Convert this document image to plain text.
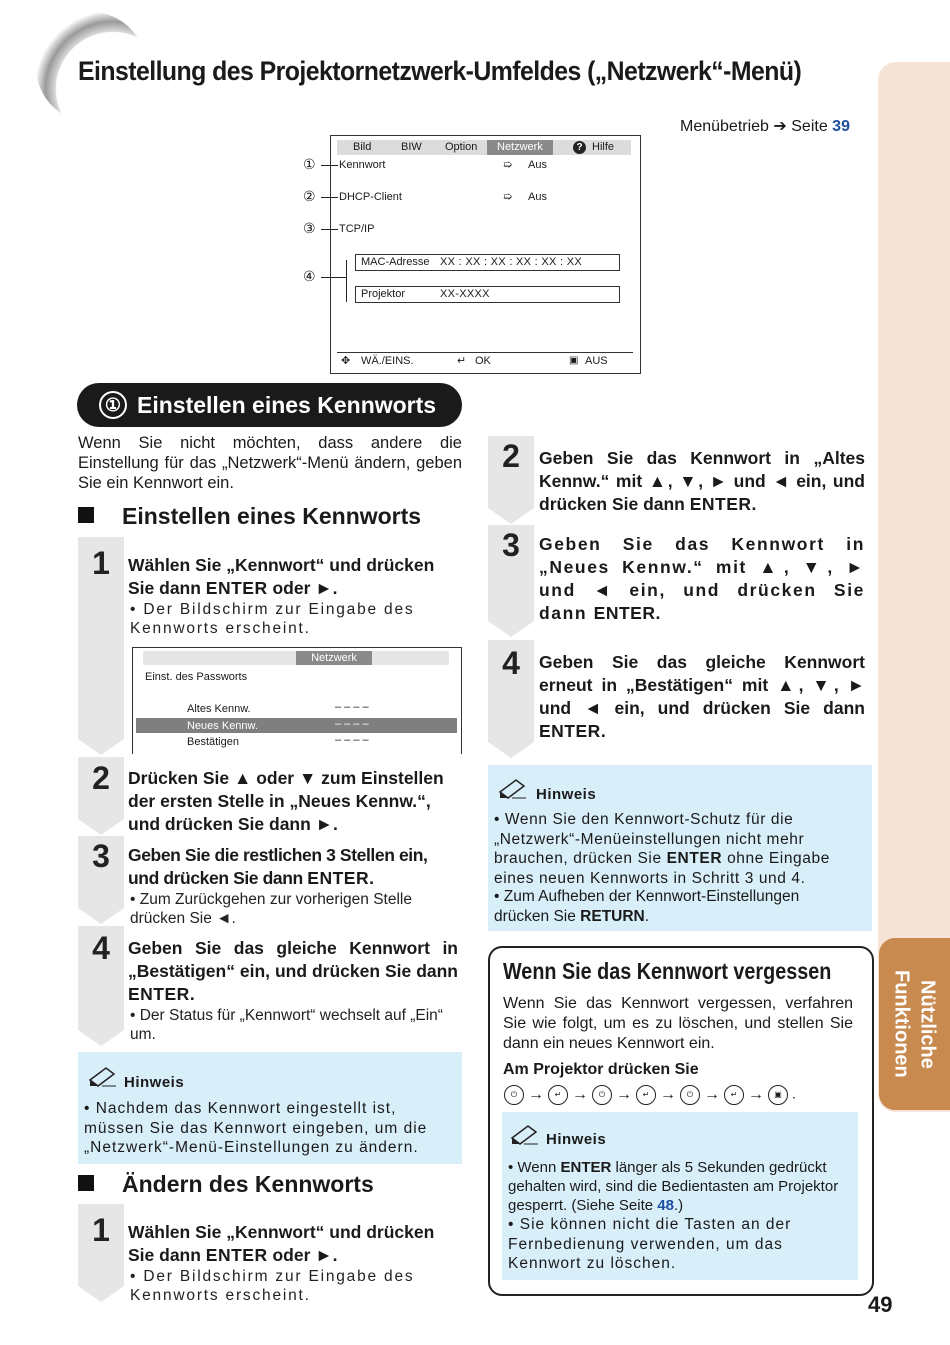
Einstellung des Projektornetzwerk-Umfeldes („Netzwerk“-Menü)
Nützliche
Funktionen
49
Menübetrieb ➔ Seite 39
Bild	BIW Option	Netzwerk	? Hilfe
Kennwort	➯ Aus
DHCP-Client	➯ Aus
TCP/IP
MAC-Adresse XX : XX : XX : XX : XX : XX
Projektor	XX-XXXX
✥ WÄ./EINS.	↵ OK	▣ AUS
①
②
③
④
① Einstellen eines Kennworts
Wenn Sie nicht möchten, dass andere die Einstellung für das „Netzwerk“-Menü ändern, geben Sie ein Kennwort ein.
Einstellen eines Kennworts
1	Wählen Sie „Kennwort“ und drücken Sie dann ENTER oder ►.
• Der Bildschirm zur Eingabe des Kennworts erscheint.
Netzwerk
Einst. des Passworts
Altes Kennw.	– – – –
Neues Kennw.	– – – –
Bestätigen	– – – –
2	Drücken Sie ▲ oder ▼ zum Einstellen der ersten Stelle in „Neues Kennw.“, und drücken Sie dann ►.
3	Geben Sie die restlichen 3 Stellen ein, und drücken Sie dann ENTER.
• Zum Zurückgehen zur vorherigen Stelle drücken Sie ◄.
4	Geben Sie das gleiche Kennwort in „Bestätigen“ ein, und drücken Sie dann ENTER.
• Der Status für „Kennwort“ wechselt auf „Ein“ um.
Hinweis
• Nachdem das Kennwort eingestellt ist, müssen Sie das Kennwort eingeben, um die „Netzwerk“-Menü-Einstellungen zu ändern.
Ändern des Kennworts
1	Wählen Sie „Kennwort“ und drücken Sie dann ENTER oder ►.
• Der Bildschirm zur Eingabe des Kennworts erscheint.
2	Geben Sie das Kennwort in „Altes Kennw.“ mit ▲, ▼, ► und ◄ ein, und drücken Sie dann ENTER.
3	Geben Sie das Kennwort in „Neues Kennw.“ mit ▲, ▼, ► und ◄ ein, und drücken Sie dann ENTER.
4	Geben Sie das gleiche Kennwort erneut in „Bestätigen“ mit ▲, ▼, ► und ◄ ein, und drücken Sie dann ENTER.
Hinweis
• Wenn Sie den Kennwort-Schutz für die „Netzwerk“-Menüeinstellungen nicht mehr brauchen, drücken Sie ENTER ohne Eingabe eines neuen Kennworts in Schritt 3 und 4.
• Zum Aufheben der Kennwort-Einstellungen drücken Sie RETURN.
Wenn Sie das Kennwort vergessen
Wenn Sie das Kennwort vergessen, verfahren Sie wie folgt, um es zu löschen, und stellen Sie dann ein neues Kennwort ein.
Am Projektor drücken Sie
⏻ → ↵ → ⏻ → ↵ → ⏻ → ↵ → ▣ .
Hinweis
• Wenn ENTER länger als 5 Sekunden gedrückt gehalten wird, sind die Bedientasten am Projektor gesperrt. (Siehe Seite 48.)
• Sie können nicht die Tasten an der Fernbedienung verwenden, um das Kennwort zu löschen.
